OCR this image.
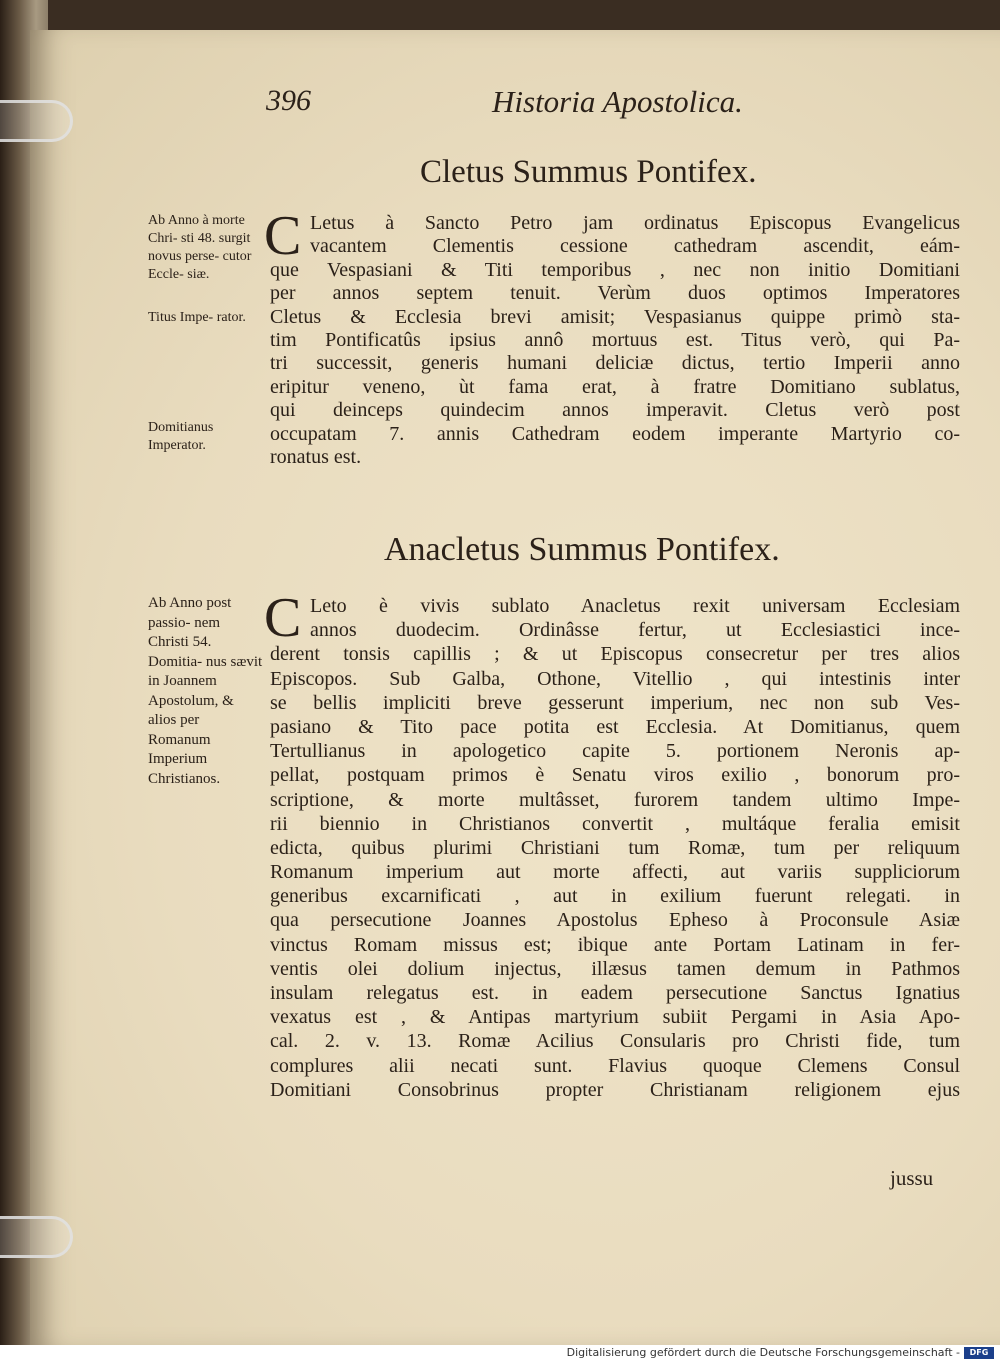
396	Historia Apostolica.
Cletus Summus Pontifex.
Ab Anno à morte Chri- sti 48. surgit novus perse- cutor Eccle- siæ.
Titus Impe- rator.
Domitianus Imperator.
C Letus à Sancto Petro jam ordinatus Episcopus Evangelicus
vacantem Clementis cessione cathedram ascendit, eám-
que Vespasiani & Titi temporibus , nec non initio Domitiani
per annos septem tenuit. Verùm duos optimos Imperatores
Cletus & Ecclesia brevi amisit; Vespasianus quippe primò sta-
tim Pontificatûs ipsius annô mortuus est. Titus verò, qui Pa-
tri successit, generis humani deliciæ dictus, tertio Imperii anno
eripitur veneno, ùt fama erat, à fratre Domitiano sublatus,
qui deinceps quindecim annos imperavit. Cletus verò post
occupatam 7. annis Cathedram eodem imperante Martyrio co-
ronatus est.
Anacletus Summus Pontifex.
Ab Anno post passio- nem Christi 54. Domitia- nus sævit in Joannem Apostolum, & alios per Romanum Imperium Christianos.
C Leto è vivis sublato Anacletus rexit universam Ecclesiam
annos duodecim. Ordinâsse fertur, ut Ecclesiastici ince-
derent tonsis capillis ; & ut Episcopus consecretur per tres alios
Episcopos. Sub Galba, Othone, Vitellio , qui intestinis inter
se bellis impliciti breve gesserunt imperium, nec non sub Ves-
pasiano & Tito pace potita est Ecclesia. At Domitianus, quem
Tertullianus in apologetico capite 5. portionem Neronis ap-
pellat, postquam primos è Senatu viros exilio , bonorum pro-
scriptione, & morte multâsset, furorem tandem ultimo Impe-
rii biennio in Christianos convertit , multáque feralia emisit
edicta, quibus plurimi Christiani tum Romæ, tum per reliquum
Romanum imperium aut morte affecti, aut variis suppliciorum
generibus excarnificati , aut in exilium fuerunt relegati. in
qua persecutione Joannes Apostolus Epheso à Proconsule Asiæ
vinctus Romam missus est; ibique ante Portam Latinam in fer-
ventis olei dolium injectus, illæsus tamen demum in Pathmos
insulam relegatus est. in eadem persecutione Sanctus Ignatius
vexatus est , & Antipas martyrium subiit Pergami in Asia Apo-
cal. 2. v. 13. Romæ Acilius Consularis pro Christi fide, tum
complures alii necati sunt. Flavius quoque Clemens Consul
Domitiani Consobrinus propter Christianam religionem ejus
jussu
Digitalisierung gefördert durch die Deutsche Forschungsgemeinschaft -	DFG
